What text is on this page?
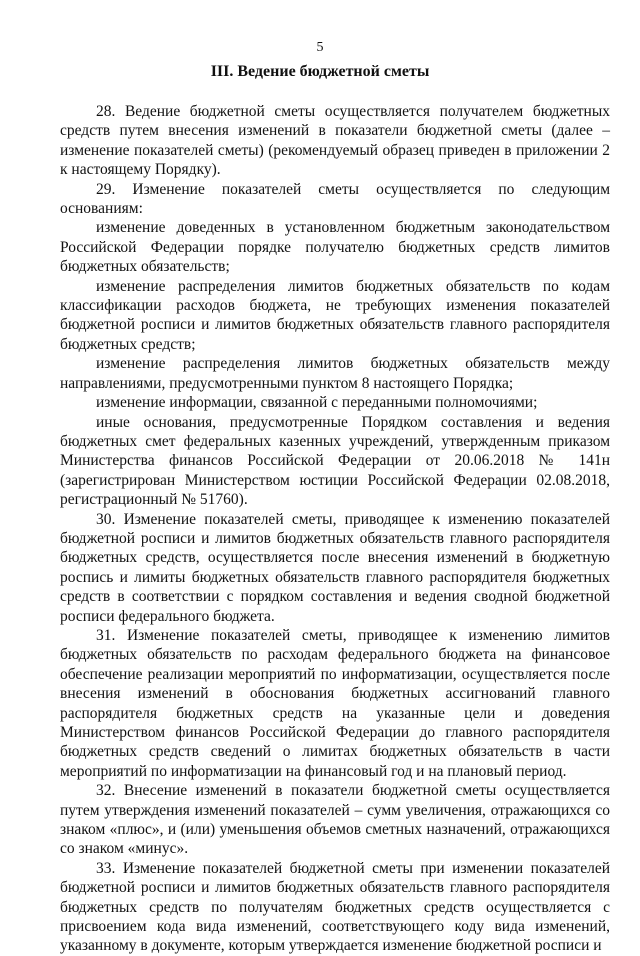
5
III. Ведение бюджетной сметы

28. Ведение бюджетной сметы осуществляется получателем бюджетных средств путем внесения изменений в показатели бюджетной сметы (далее – изменение показателей сметы) (рекомендуемый образец приведен в приложении 2 к настоящему Порядку).

29. Изменение показателей сметы осуществляется по следующим основаниям:

изменение доведенных в установленном бюджетным законодательством Российской Федерации порядке получателю бюджетных средств лимитов бюджетных обязательств;

изменение распределения лимитов бюджетных обязательств по кодам классификации расходов бюджета, не требующих изменения показателей бюджетной росписи и лимитов бюджетных обязательств главного распорядителя бюджетных средств;

изменение распределения лимитов бюджетных обязательств между направлениями, предусмотренными пунктом 8 настоящего Порядка;

изменение информации, связанной с переданными полномочиями;

иные основания, предусмотренные Порядком составления и ведения бюджетных смет федеральных казенных учреждений, утвержденным приказом Министерства финансов Российской Федерации от 20.06.2018 № 141н (зарегистрирован Министерством юстиции Российской Федерации 02.08.2018, регистрационный № 51760).

30. Изменение показателей сметы, приводящее к изменению показателей бюджетной росписи и лимитов бюджетных обязательств главного распорядителя бюджетных средств, осуществляется после внесения изменений в бюджетную роспись и лимиты бюджетных обязательств главного распорядителя бюджетных средств в соответствии с порядком составления и ведения сводной бюджетной росписи федерального бюджета.

31. Изменение показателей сметы, приводящее к изменению лимитов бюджетных обязательств по расходам федерального бюджета на финансовое обеспечение реализации мероприятий по информатизации, осуществляется после внесения изменений в обоснования бюджетных ассигнований главного распорядителя бюджетных средств на указанные цели и доведения Министерством финансов Российской Федерации до главного распорядителя бюджетных средств сведений о лимитах бюджетных обязательств в части мероприятий по информатизации на финансовый год и на плановый период.

32. Внесение изменений в показатели бюджетной сметы осуществляется путем утверждения изменений показателей – сумм увеличения, отражающихся со знаком «плюс», и (или) уменьшения объемов сметных назначений, отражающихся со знаком «минус».

33. Изменение показателей бюджетной сметы при изменении показателей бюджетной росписи и лимитов бюджетных обязательств главного распорядителя бюджетных средств по получателям бюджетных средств осуществляется с присвоением кода вида изменений, соответствующего коду вида изменений, указанному в документе, которым утверждается изменение бюджетной росписи и
